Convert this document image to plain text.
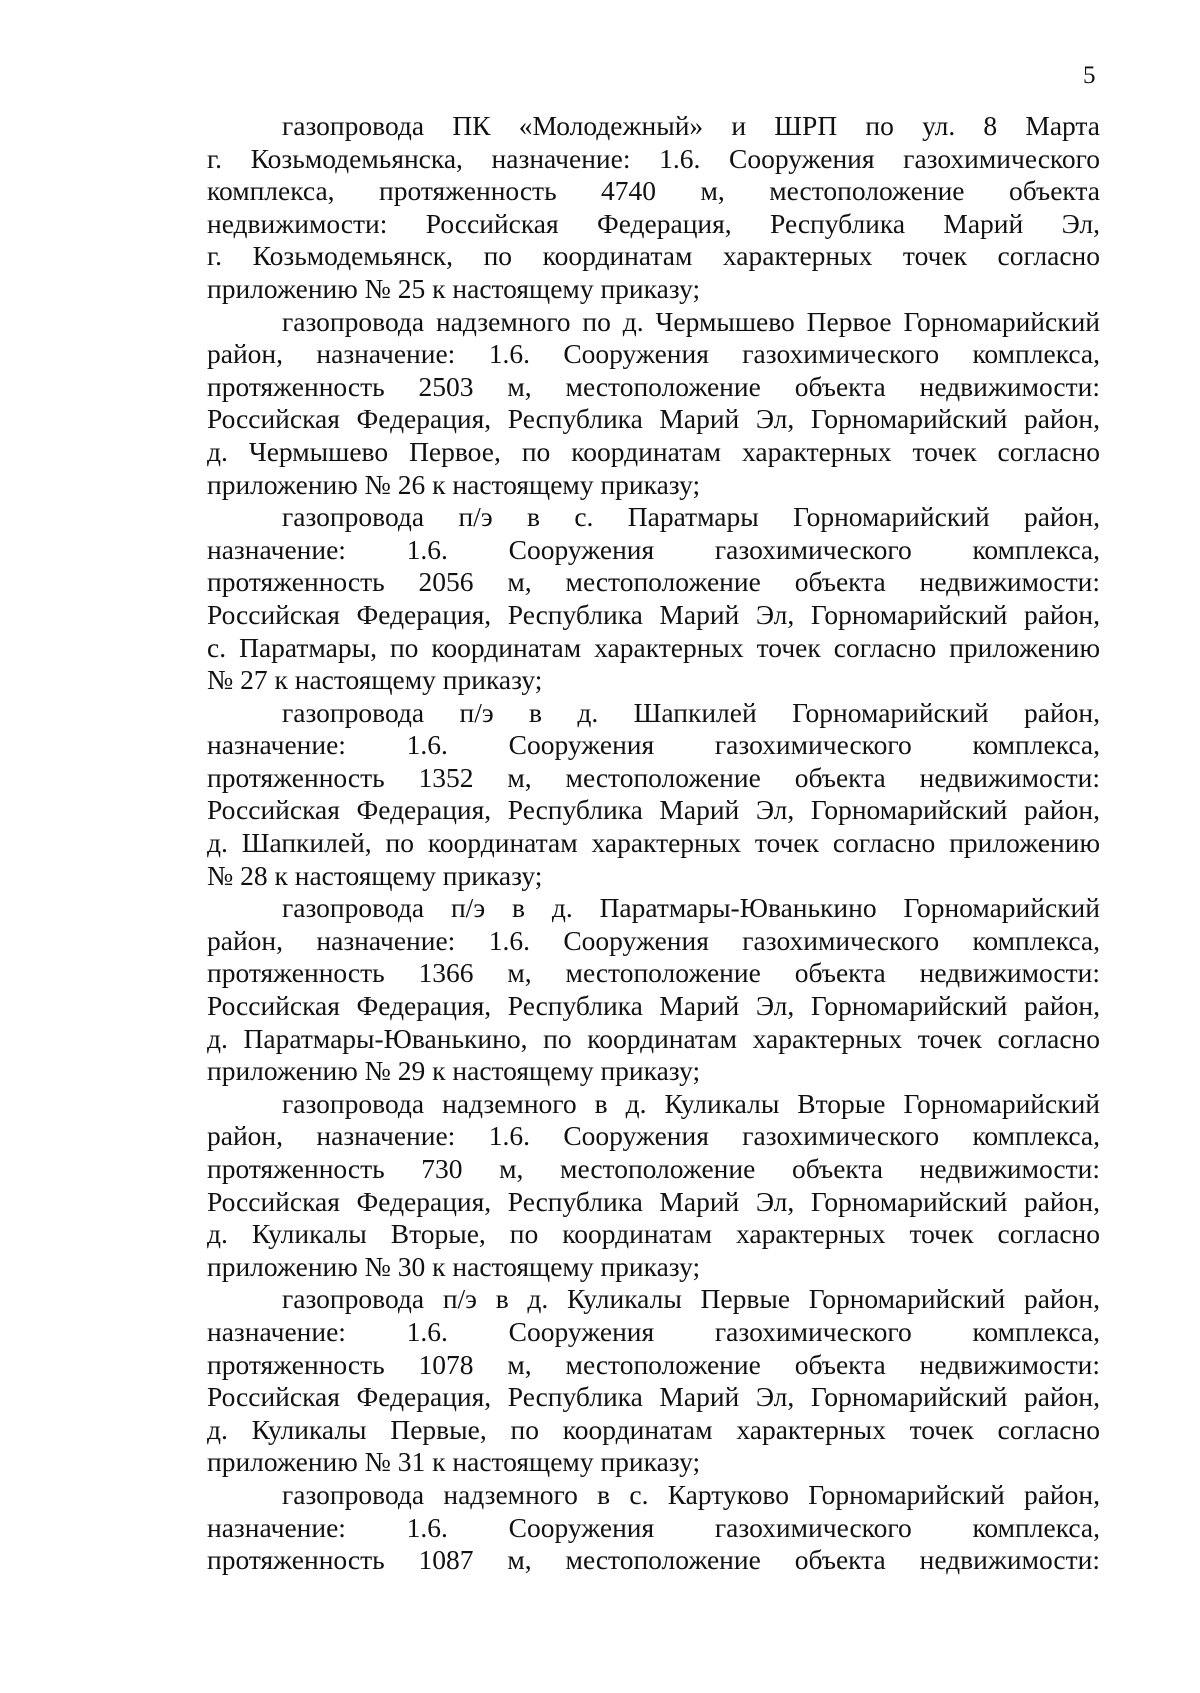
5
газопровода ПК «Молодежный» и ШРП по ул. 8 Марта
г. Козьмодемьянска, назначение: 1.6. Сооружения газохимического
комплекса, протяженность 4740 м, местоположение объекта
недвижимости: Российская Федерация, Республика Марий Эл,
г. Козьмодемьянск, по координатам характерных точек согласно
приложению № 25 к настоящему приказу;
газопровода надземного по д. Чермышево Первое Горномарийский
район, назначение: 1.6. Сооружения газохимического комплекса,
протяженность 2503 м, местоположение объекта недвижимости:
Российская Федерация, Республика Марий Эл, Горномарийский район,
д. Чермышево Первое, по координатам характерных точек согласно
приложению № 26 к настоящему приказу;
газопровода п/э в с. Паратмары Горномарийский район,
назначение: 1.6. Сооружения газохимического комплекса,
протяженность 2056 м, местоположение объекта недвижимости:
Российская Федерация, Республика Марий Эл, Горномарийский район,
с. Паратмары, по координатам характерных точек согласно приложению
№ 27 к настоящему приказу;
газопровода п/э в д. Шапкилей Горномарийский район,
назначение: 1.6. Сооружения газохимического комплекса,
протяженность 1352 м, местоположение объекта недвижимости:
Российская Федерация, Республика Марий Эл, Горномарийский район,
д. Шапкилей, по координатам характерных точек согласно приложению
№ 28 к настоящему приказу;
газопровода п/э в д. Паратмары-Юванькино Горномарийский
район, назначение: 1.6. Сооружения газохимического комплекса,
протяженность 1366 м, местоположение объекта недвижимости:
Российская Федерация, Республика Марий Эл, Горномарийский район,
д. Паратмары-Юванькино, по координатам характерных точек согласно
приложению № 29 к настоящему приказу;
газопровода надземного в д. Куликалы Вторые Горномарийский
район, назначение: 1.6. Сооружения газохимического комплекса,
протяженность 730 м, местоположение объекта недвижимости:
Российская Федерация, Республика Марий Эл, Горномарийский район,
д. Куликалы Вторые, по координатам характерных точек согласно
приложению № 30 к настоящему приказу;
газопровода п/э в д. Куликалы Первые Горномарийский район,
назначение: 1.6. Сооружения газохимического комплекса,
протяженность 1078 м, местоположение объекта недвижимости:
Российская Федерация, Республика Марий Эл, Горномарийский район,
д. Куликалы Первые, по координатам характерных точек согласно
приложению № 31 к настоящему приказу;
газопровода надземного в с. Картуково Горномарийский район,
назначение: 1.6. Сооружения газохимического комплекса,
протяженность 1087 м, местоположение объекта недвижимости:
